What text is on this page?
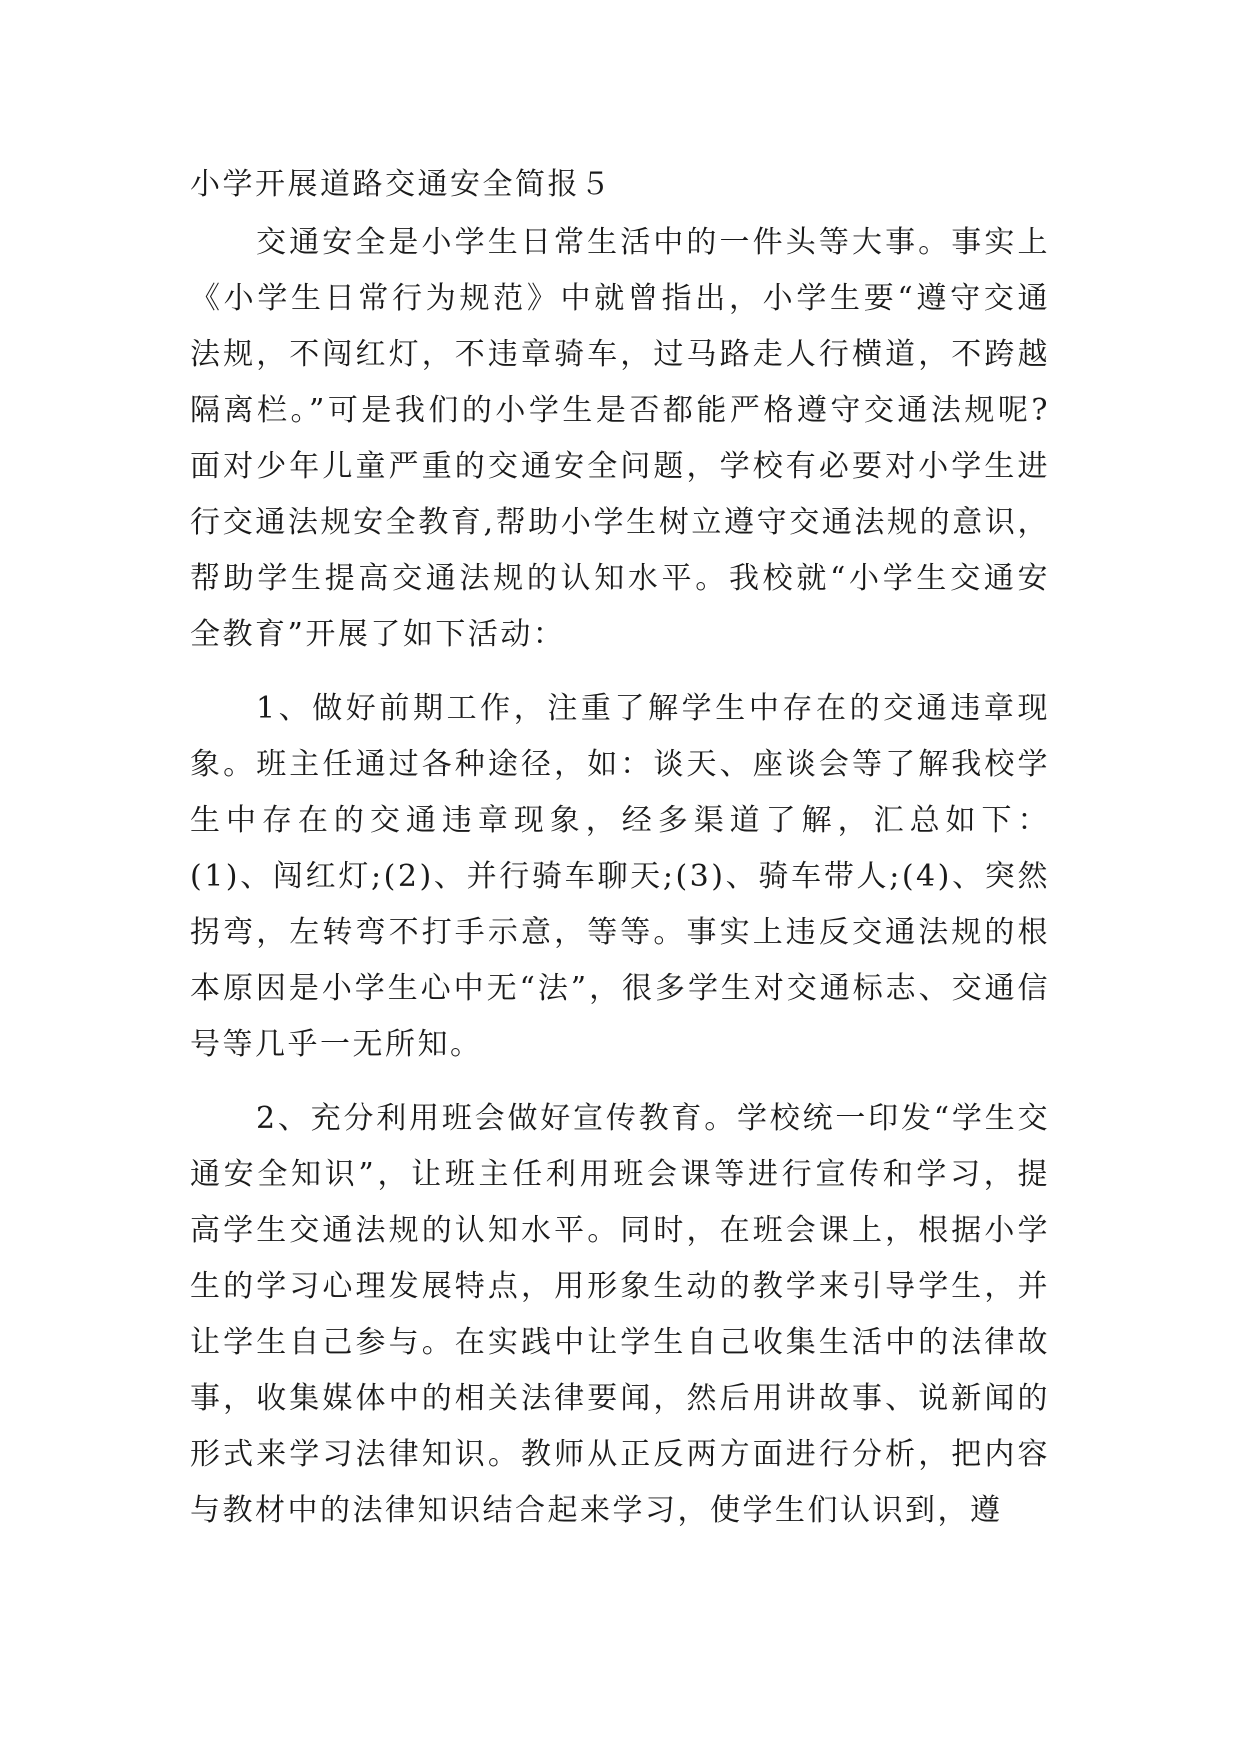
小学开展道路交通安全简报５

交通安全是小学生日常生活中的一件头等大事。事实上《小学生日常行为规范》中就曾指出，小学生要“遵守交通法规，不闯红灯，不违章骑车，过马路走人行横道，不跨越隔离栏。”可是我们的小学生是否都能严格遵守交通法规呢?面对少年儿童严重的交通安全问题，学校有必要对小学生进行交通法规安全教育,帮助小学生树立遵守交通法规的意识，帮助学生提高交通法规的认知水平。我校就“小学生交通安全教育”开展了如下活动：

1、做好前期工作，注重了解学生中存在的交通违章现象。班主任通过各种途径，如：谈天、座谈会等了解我校学生中存在的交通违章现象，经多渠道了解，汇总如下：(1)、闯红灯;(2)、并行骑车聊天;(3)、骑车带人;(4)、突然拐弯，左转弯不打手示意，等等。事实上违反交通法规的根本原因是小学生心中无“法”，很多学生对交通标志、交通信号等几乎一无所知。

2、充分利用班会做好宣传教育。学校统一印发“学生交通安全知识”，让班主任利用班会课等进行宣传和学习，提高学生交通法规的认知水平。同时，在班会课上，根据小学生的学习心理发展特点，用形象生动的教学来引导学生，并让学生自己参与。在实践中让学生自己收集生活中的法律故事，收集媒体中的相关法律要闻，然后用讲故事、说新闻的形式来学习法律知识。教师从正反两方面进行分析，把内容与教材中的法律知识结合起来学习，使学生们认识到，遵
